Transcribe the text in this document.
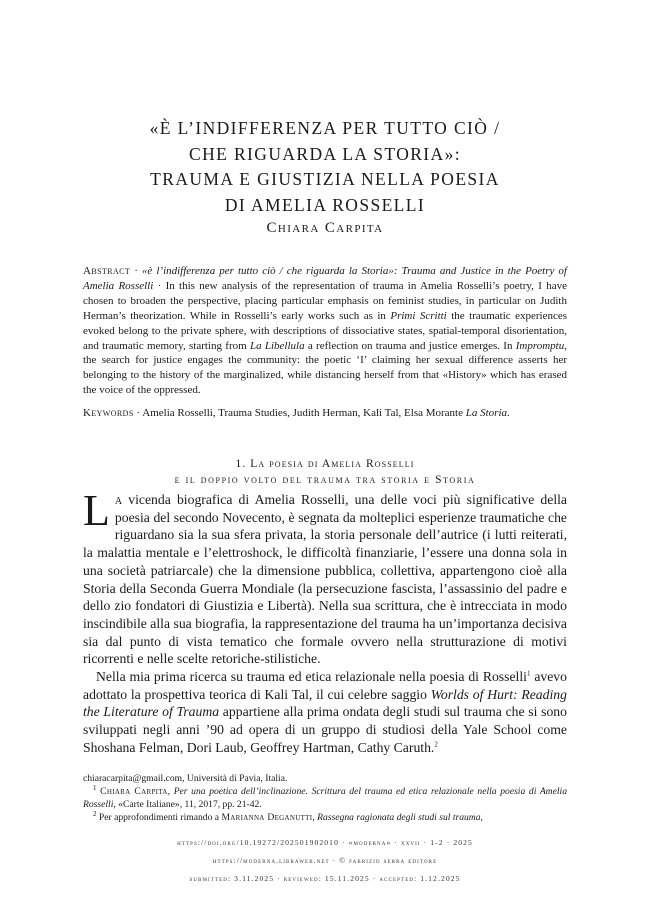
«È L’INDIFFERENZA PER TUTTO CIÒ /
CHE RIGUARDA LA STORIA»:
TRAUMA E GIUSTIZIA NELLA POESIA
DI AMELIA ROSSELLI
Chiara Carpita
Abstract · «è l’indifferenza per tutto ciò / che riguarda la Storia»: Trauma and Justice in the Poetry of Amelia Rosselli · In this new analysis of the representation of trauma in Amelia Rosselli’s poetry, I have chosen to broaden the perspective, placing particular emphasis on feminist studies, in particular on Judith Herman’s theorization. While in Rosselli’s early works such as in Primi Scritti the traumatic experiences evoked belong to the private sphere, with descriptions of dissociative states, spatial-temporal disorientation, and traumatic memory, starting from La Libellula a reflection on trauma and justice emerges. In Impromptu, the search for justice engages the community: the poetic ‘I’ claiming her sexual difference asserts her belonging to the history of the marginalized, while distancing herself from that «History» which has erased the voice of the oppressed.
Keywords · Amelia Rosselli, Trauma Studies, Judith Herman, Kali Tal, Elsa Morante La Storia.
1. La poesia di Amelia Rosselli
e il doppio volto del trauma tra storia e Storia

La vicenda biografica di Amelia Rosselli, una delle voci più significative della poesia del secondo Novecento, è segnata da molteplici esperienze traumatiche che riguardano sia la sua sfera privata, la storia personale dell’autrice (i lutti reiterati, la malattia mentale e l’elettroshock, le difficoltà finanziarie, l’essere una donna sola in una società patriarcale) che la dimensione pubblica, collettiva, appartengono cioè alla Storia della Seconda Guerra Mondiale (la persecuzione fascista, l’assassinio del padre e dello zio fondatori di Giustizia e Libertà). Nella sua scrittura, che è intrecciata in modo inscindibile alla sua biografia, la rappresentazione del trauma ha un’importanza decisiva sia dal punto di vista tematico che formale ovvero nella strutturazione di motivi ricorrenti e nelle scelte retoriche-stilistiche.

Nella mia prima ricerca su trauma ed etica relazionale nella poesia di Rosselli$^1$ avevo adottato la prospettiva teorica di Kali Tal, il cui celebre saggio Worlds of Hurt: Reading the Literature of Trauma appartiene alla prima ondata degli studi sul trauma che si sono sviluppati negli anni ’90 ad opera di un gruppo di studiosi della Yale School come Shoshana Felman, Dori Laub, Geoffrey Hartman, Cathy Caruth.$^2$

chiaracarpita@gmail.com, Università di Pavia, Italia.

$^1$ Chiara Carpita, Per una poetica dell’inclinazione. Scrittura del trauma ed etica relazionale nella poesia di Amelia Rosselli, «Carte Italiane», 11, 2017, pp. 21-42.

$^2$ Per approfondimenti rimando a Marianna Deganutti, Rassegna ragionata degli studi sul trauma,

https://doi.org/10.19272/202501902010 · «moderna» · xxvii · 1-2 · 2025
https://moderna.libraweb.net · © fabrizio serra editore
submitted: 3.11.2025 · reviewed: 15.11.2025 · accepted: 1.12.2025
